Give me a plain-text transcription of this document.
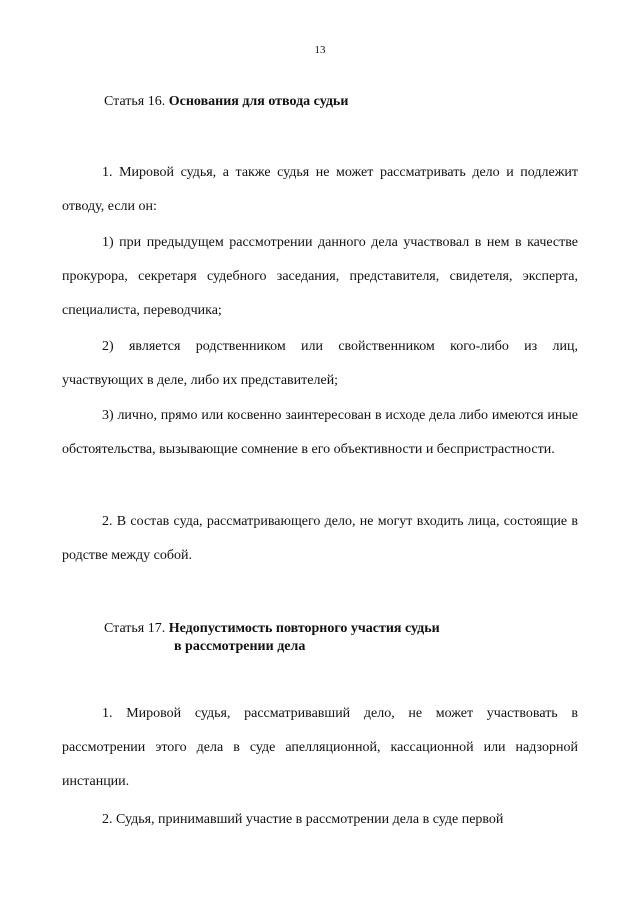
13
Статья 16. Основания для отвода судьи
1. Мировой судья, а также судья не может рассматривать дело и подлежит отводу, если он:
1) при предыдущем рассмотрении данного дела участвовал в нем в качестве прокурора, секретаря судебного заседания, представителя, свидетеля, эксперта, специалиста, переводчика;
2) является родственником или свойственником кого-либо из лиц, участвующих в деле, либо их представителей;
3) лично, прямо или косвенно заинтересован в исходе дела либо имеются иные обстоятельства, вызывающие сомнение в его объективности и беспристрастности.
2. В состав суда, рассматривающего дело, не могут входить лица, состоящие в родстве между собой.
Статья 17. Недопустимость повторного участия судьи
в рассмотрении дела
1. Мировой судья, рассматривавший дело, не может участвовать в рассмотрении этого дела в суде апелляционной, кассационной или надзорной инстанции.
2. Судья, принимавший участие в рассмотрении дела в суде первой
